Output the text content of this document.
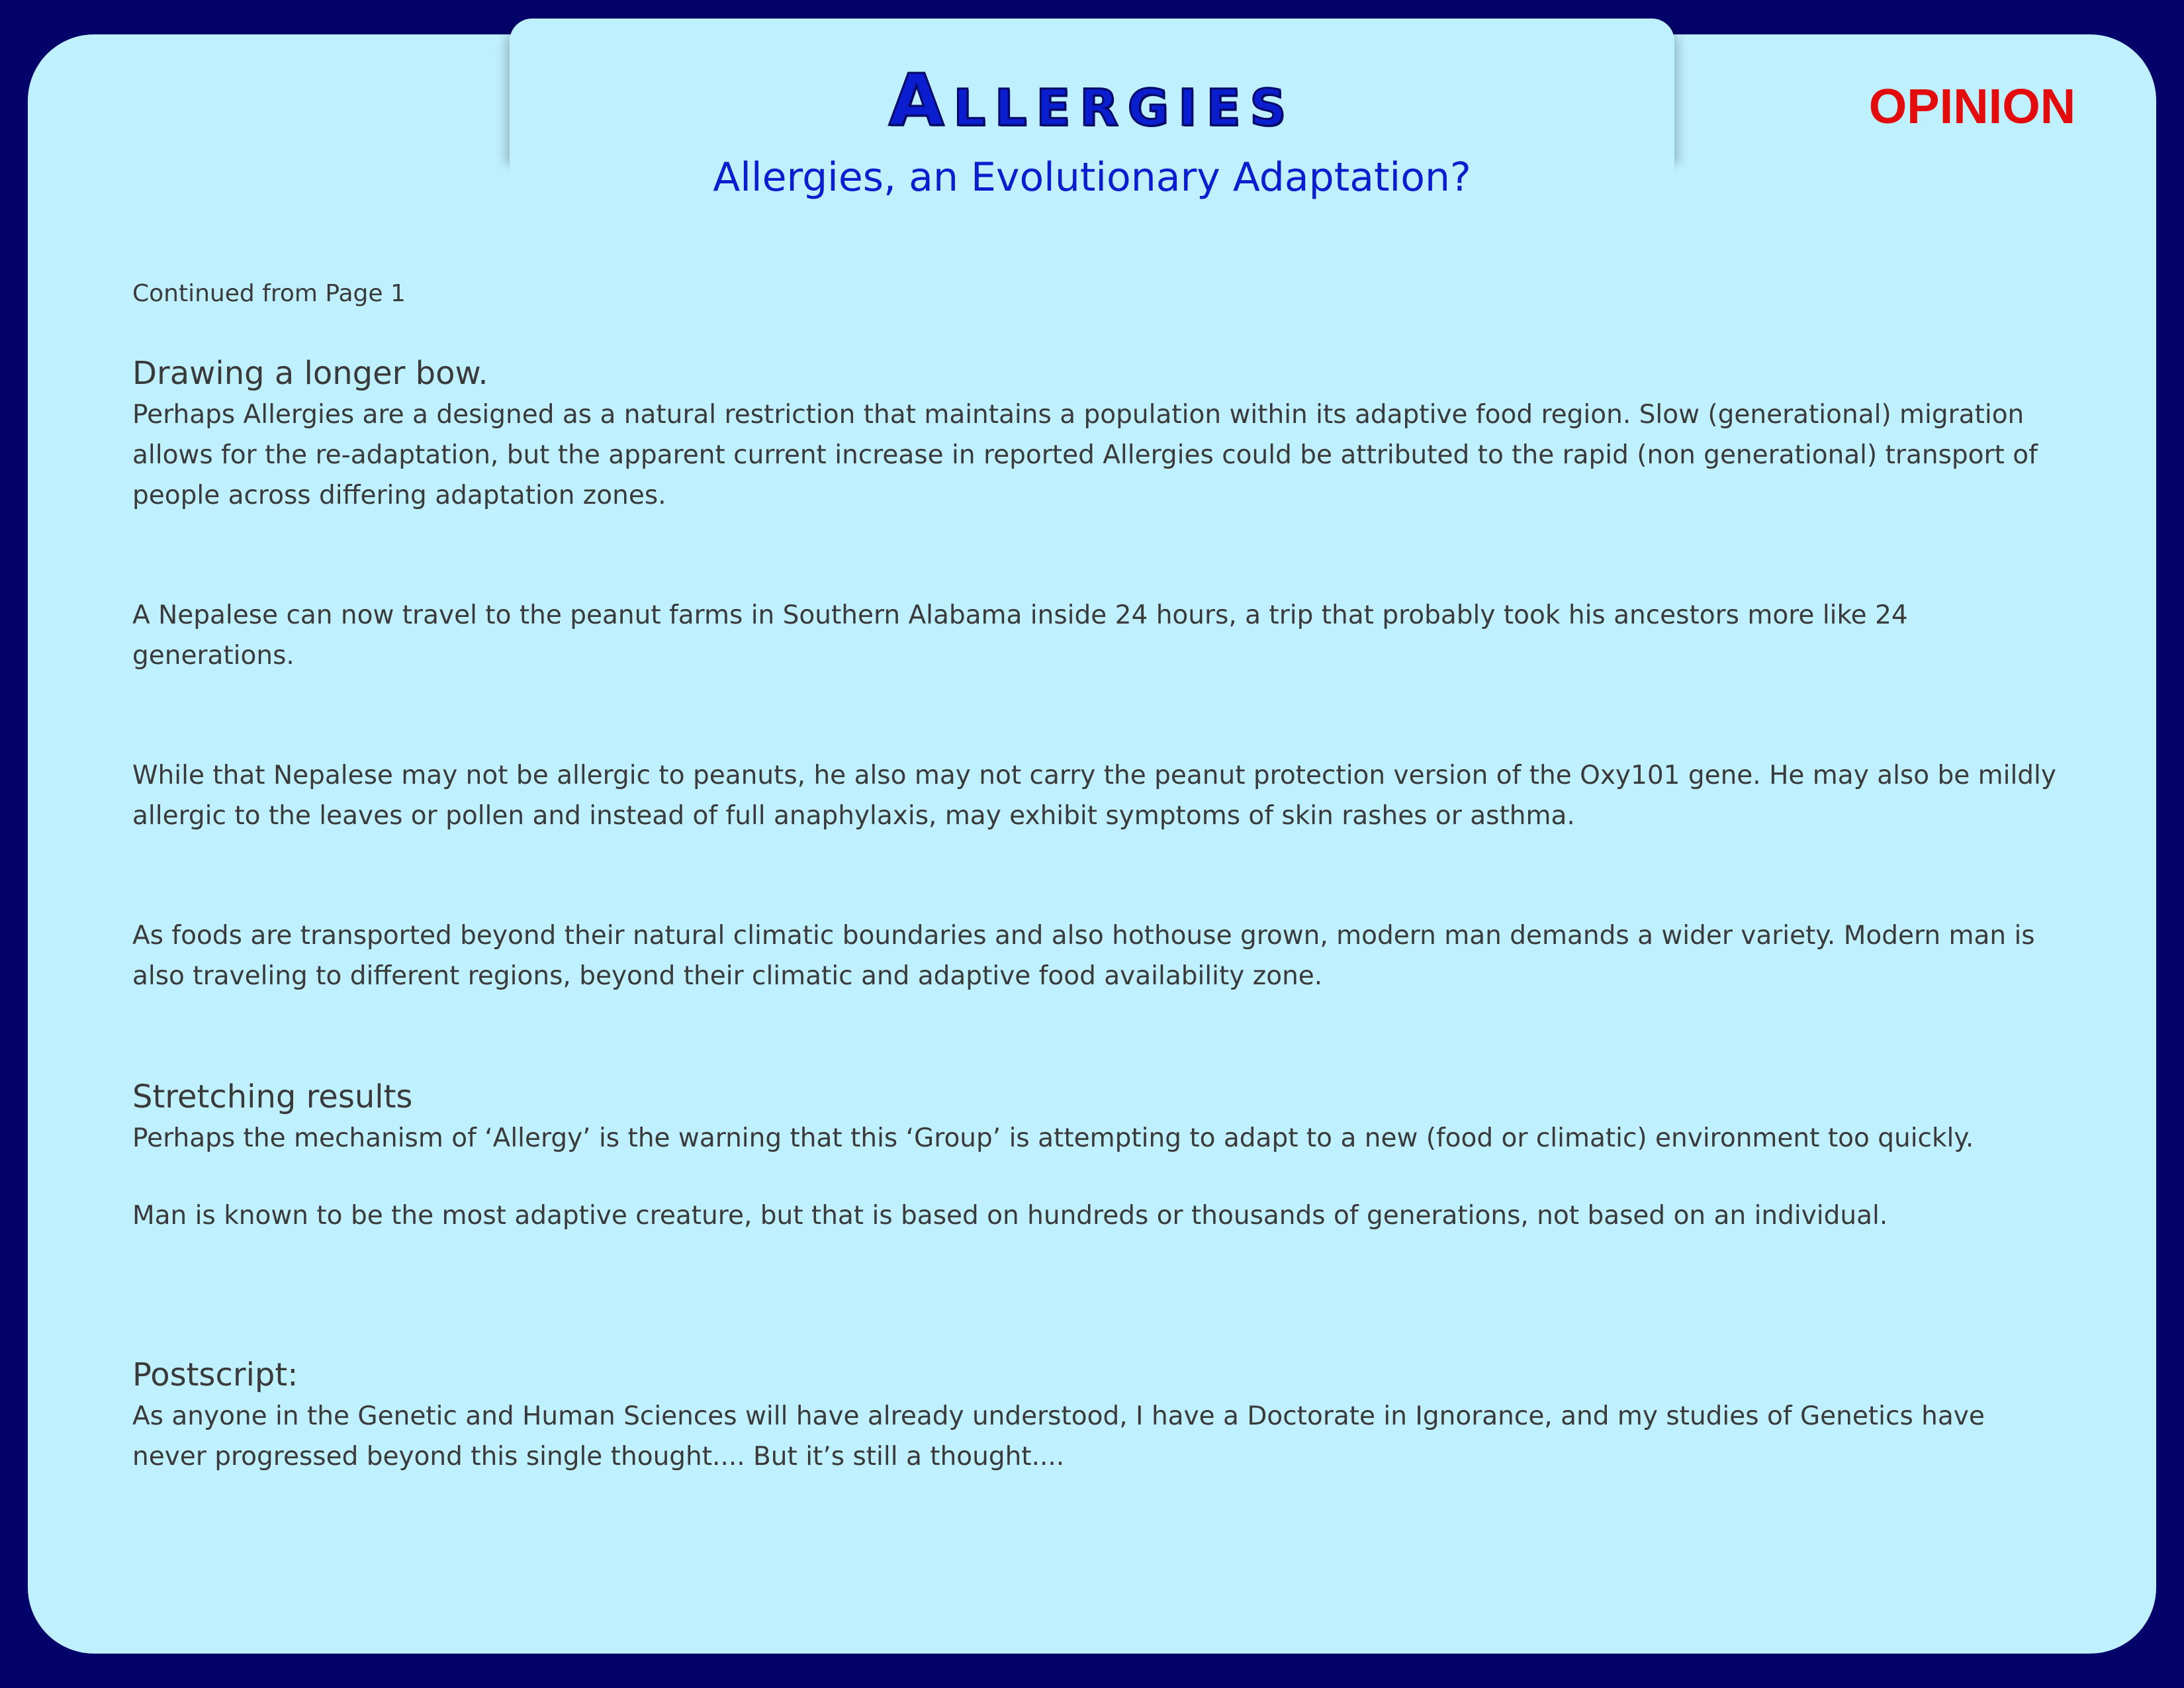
Allergies
Allergies, an Evolutionary Adaptation?
OPINION

Continued from Page 1

Drawing a longer bow.

Perhaps Allergies are a designed as a natural restriction that maintains a population within its adaptive food region. Slow (generational) migration allows for the re-adaptation, but the apparent current increase in reported Allergies could be attributed to the rapid (non generational) transport of people across differing adaptation zones.

A Nepalese can now travel to the peanut farms in Southern Alabama inside 24 hours, a trip that probably took his ancestors more like 24 generations.

While that Nepalese may not be allergic to peanuts, he also may not carry the peanut protection version of the Oxy101 gene. He may also be mildly allergic to the leaves or pollen and instead of full anaphylaxis, may exhibit symptoms of skin rashes or asthma.

As foods are transported beyond their natural climatic boundaries and also hothouse grown, modern man demands a wider variety. Modern man is also traveling to different regions, beyond their climatic and adaptive food availability zone.

Stretching results

Perhaps the mechanism of ‘Allergy’ is the warning that this ‘Group’ is attempting to adapt to a new (food or climatic) environment too quickly.

Man is known to be the most adaptive creature, but that is based on hundreds or thousands of generations, not based on an individual.

Postscript:

As anyone in the Genetic and Human Sciences will have already understood, I have a Doctorate in Ignorance, and my studies of Genetics have never progressed beyond this single thought.... But it’s still a thought....
